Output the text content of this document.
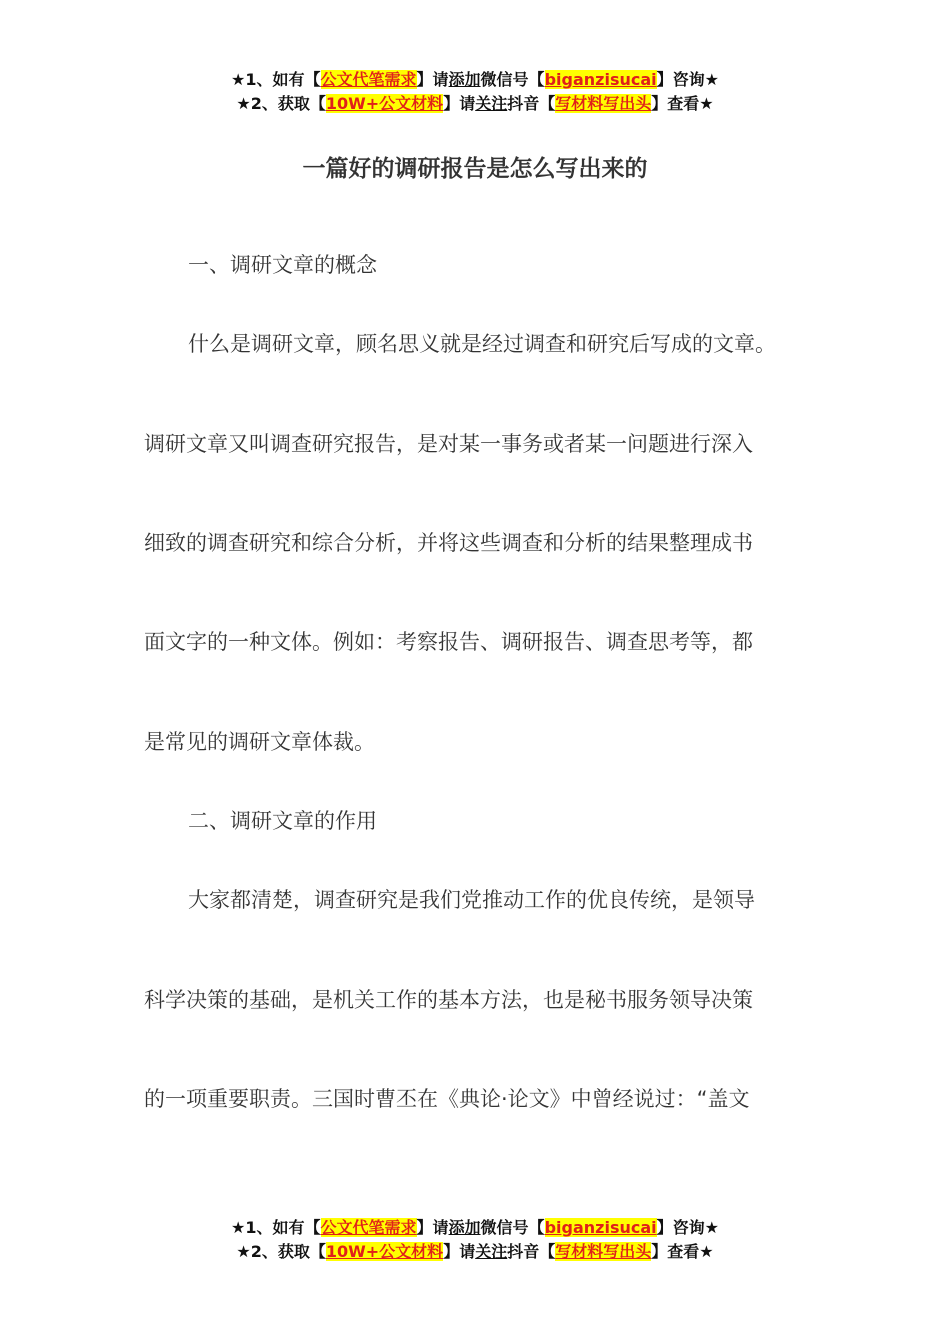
★1、如有【公文代笔需求】请添加微信号【biganzisucai】咨询★
★2、获取【10W+公文材料】请关注抖音【写材料写出头】查看★
一篇好的调研报告是怎么写出来的
一、调研文章的概念
什么是调研文章，顾名思义就是经过调查和研究后写成的文章。
调研文章又叫调查研究报告，是对某一事务或者某一问题进行深入
细致的调查研究和综合分析，并将这些调查和分析的结果整理成书
面文字的一种文体。例如：考察报告、调研报告、调查思考等，都
是常见的调研文章体裁。
二、调研文章的作用
大家都清楚，调查研究是我们党推动工作的优良传统，是领导
科学决策的基础，是机关工作的基本方法，也是秘书服务领导决策
的一项重要职责。三国时曹丕在《典论·论文》中曾经说过：“盖文
★1、如有【公文代笔需求】请添加微信号【biganzisucai】咨询★
★2、获取【10W+公文材料】请关注抖音【写材料写出头】查看★
